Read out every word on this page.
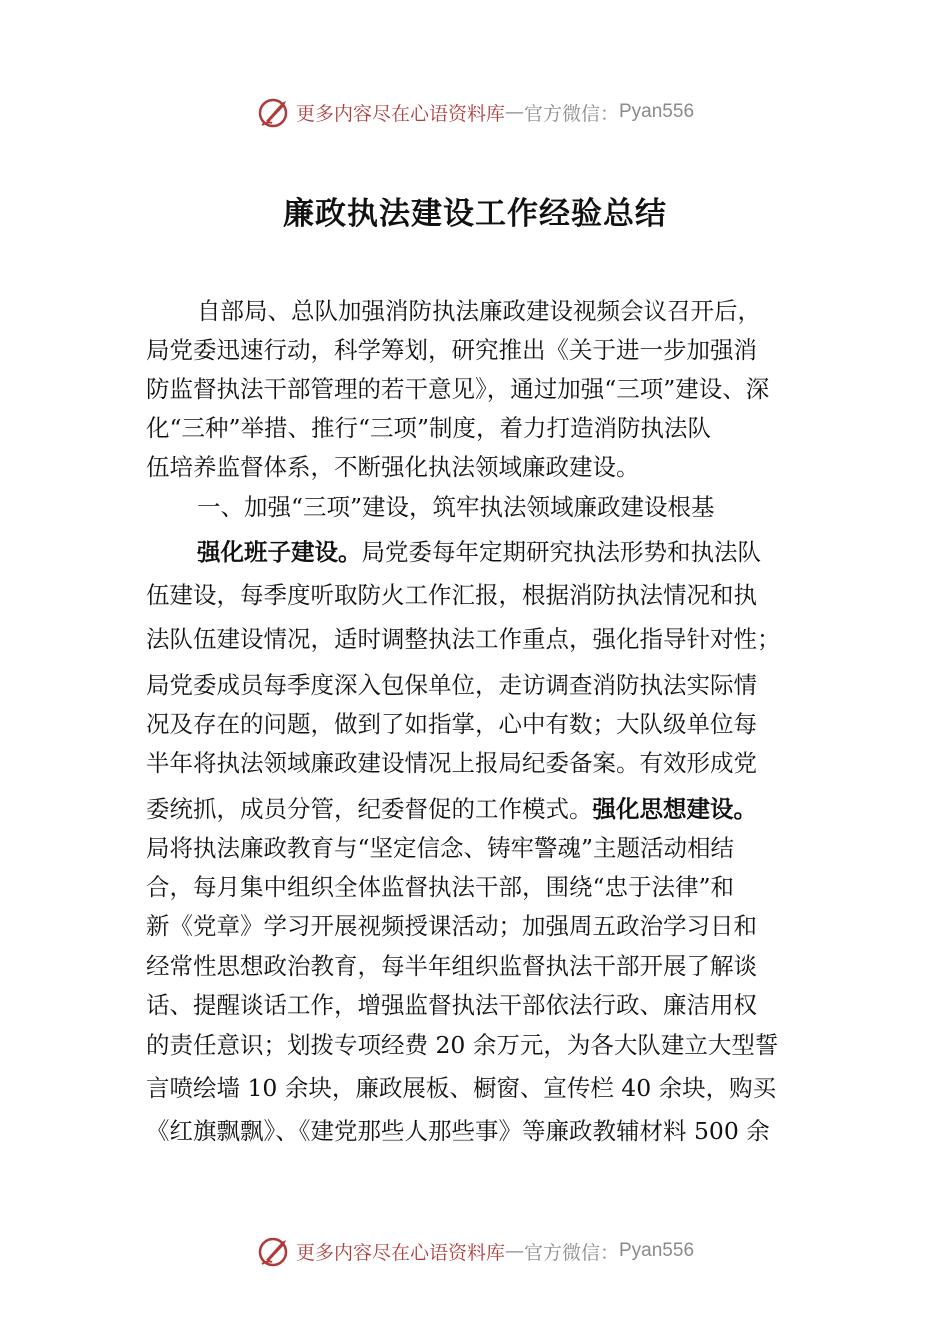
更多内容尽在心语资料库 — 官方微信： Pyan556
廉政执法建设工作经验总结
自部局、总队加强消防执法廉政建设视频会议召开后，
局党委迅速行动，科学筹划，研究推出《关于进一步加强消
防监督执法干部管理的若干意见》，通过加强“三项”建设、深
化“三种”举措、推行“三项”制度，着力打造消防执法队
伍培养监督体系，不断强化执法领域廉政建设。
一、加强“三项”建设，筑牢执法领域廉政建设根基
强化班子建设。局党委每年定期研究执法形势和执法队
伍建设，每季度听取防火工作汇报，根据消防执法情况和执
法队伍建设情况，适时调整执法工作重点，强化指导针对性；
局党委成员每季度深入包保单位，走访调查消防执法实际情
况及存在的问题，做到了如指掌，心中有数；大队级单位每
半年将执法领域廉政建设情况上报局纪委备案。有效形成党
委统抓，成员分管，纪委督促的工作模式。强化思想建设。
局将执法廉政教育与“坚定信念、铸牢警魂”主题活动相结
合，每月集中组织全体监督执法干部，围绕“忠于法律”和
新《党章》学习开展视频授课活动；加强周五政治学习日和
经常性思想政治教育，每半年组织监督执法干部开展了解谈
话、提醒谈话工作，增强监督执法干部依法行政、廉洁用权
的责任意识；划拨专项经费 20 余万元，为各大队建立大型誓
言喷绘墙 10 余块，廉政展板、橱窗、宣传栏 40 余块，购买
《红旗飘飘》、《建党那些人那些事》等廉政教辅材料 500 余
更多内容尽在心语资料库 — 官方微信： Pyan556
